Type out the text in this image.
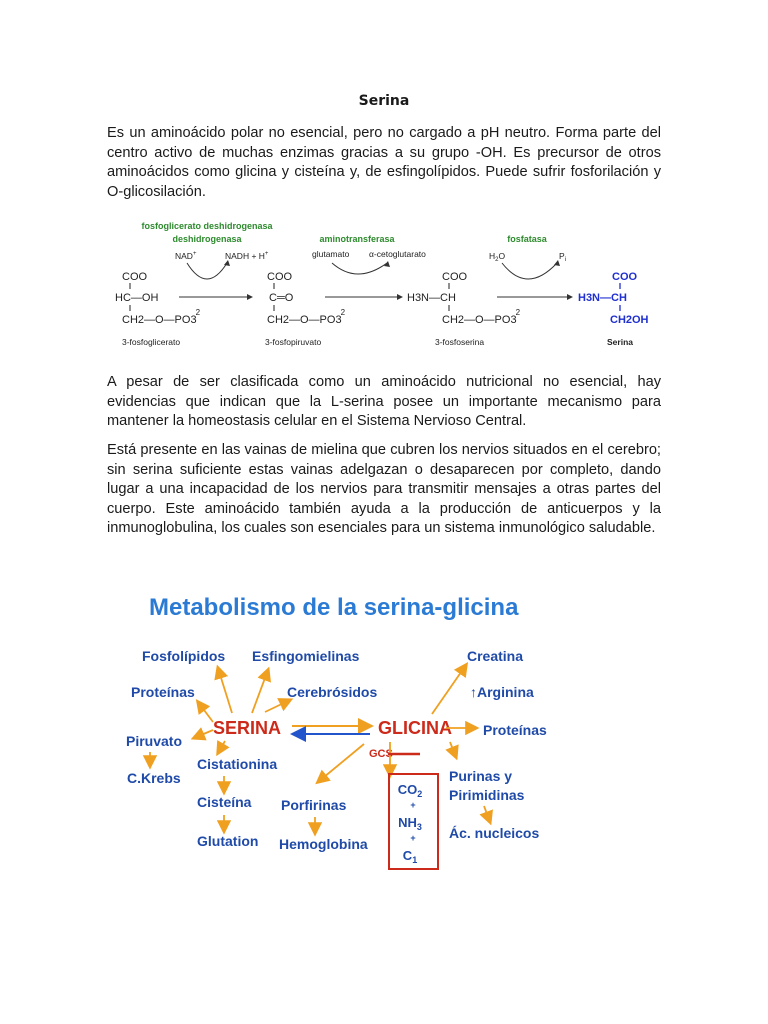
Serina

Es un aminoácido polar no esencial, pero no cargado a pH neutro. Forma parte del centro activo de muchas enzimas gracias a su grupo -OH. Es precursor de otros aminoácidos como glicina y cisteína y, de esfingolípidos. Puede sufrir fosforilación y O-glicosilación.

fosfoglicerato deshidrogenasa
deshidrogenasa	aminotransferasa	fosfatasa
NAD+	NADH + H+	glutamato α-cetoglutarato	$H_2O$	$P_i$
COO
HC—OH
CH2—O—PO32
COO
C═O
CH2—O—PO32
COO
H3N—CH
CH2—O—PO32
COO
H3N—CH
CH2OH
3-fosfoglicerato	3-fosfopiruvato	3-fosfoserina	Serina

A pesar de ser clasificada como un aminoácido nutricional no esencial, hay evidencias que indican que la L-serina posee un importante mecanismo para mantener la homeostasis celular en el Sistema Nervioso Central.

Está presente en las vainas de mielina que cubren los nervios situados en el cerebro; sin serina suficiente estas vainas adelgazan o desaparecen por completo, dando lugar a una incapacidad de los nervios para transmitir mensajes a otras partes del cuerpo. Este aminoácido también ayuda a la producción de anticuerpos y la inmunoglobulina, los cuales son esenciales para un sistema inmunológico saludable.

Metabolismo de la serina-glicina
Fosfolípidos Esfingomielinas
Proteínas	Cerebrósidos
Piruvato
C.Krebs
Cistationina
Cisteína
Glutation
Porfirinas
Hemoglobina
Creatina
↑Arginina
Proteínas
Purinas y
Pirimidinas
Ác. nucleicos
SERINA	GLICINA
GCS
$CO_2$
+
$NH_3$
+
$C_1$
